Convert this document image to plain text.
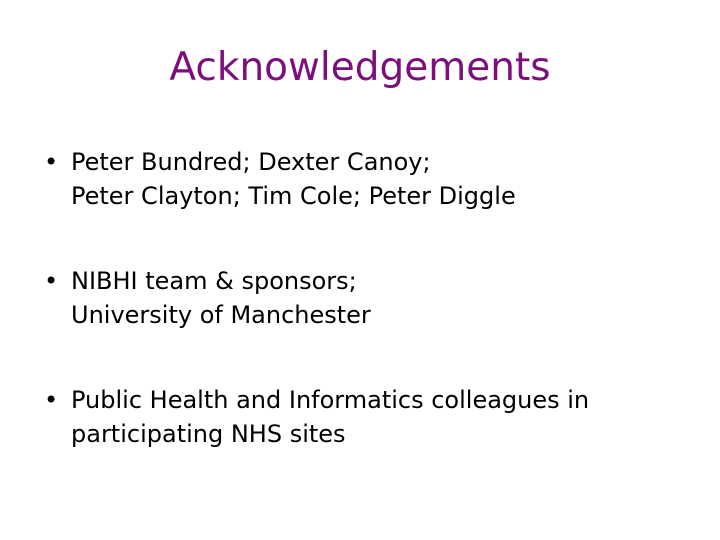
Acknowledgements
• Peter Bundred; Dexter Canoy;
Peter Clayton; Tim Cole; Peter Diggle
• NIBHI team & sponsors;
University of Manchester
• Public Health and Informatics colleagues in
participating NHS sites
